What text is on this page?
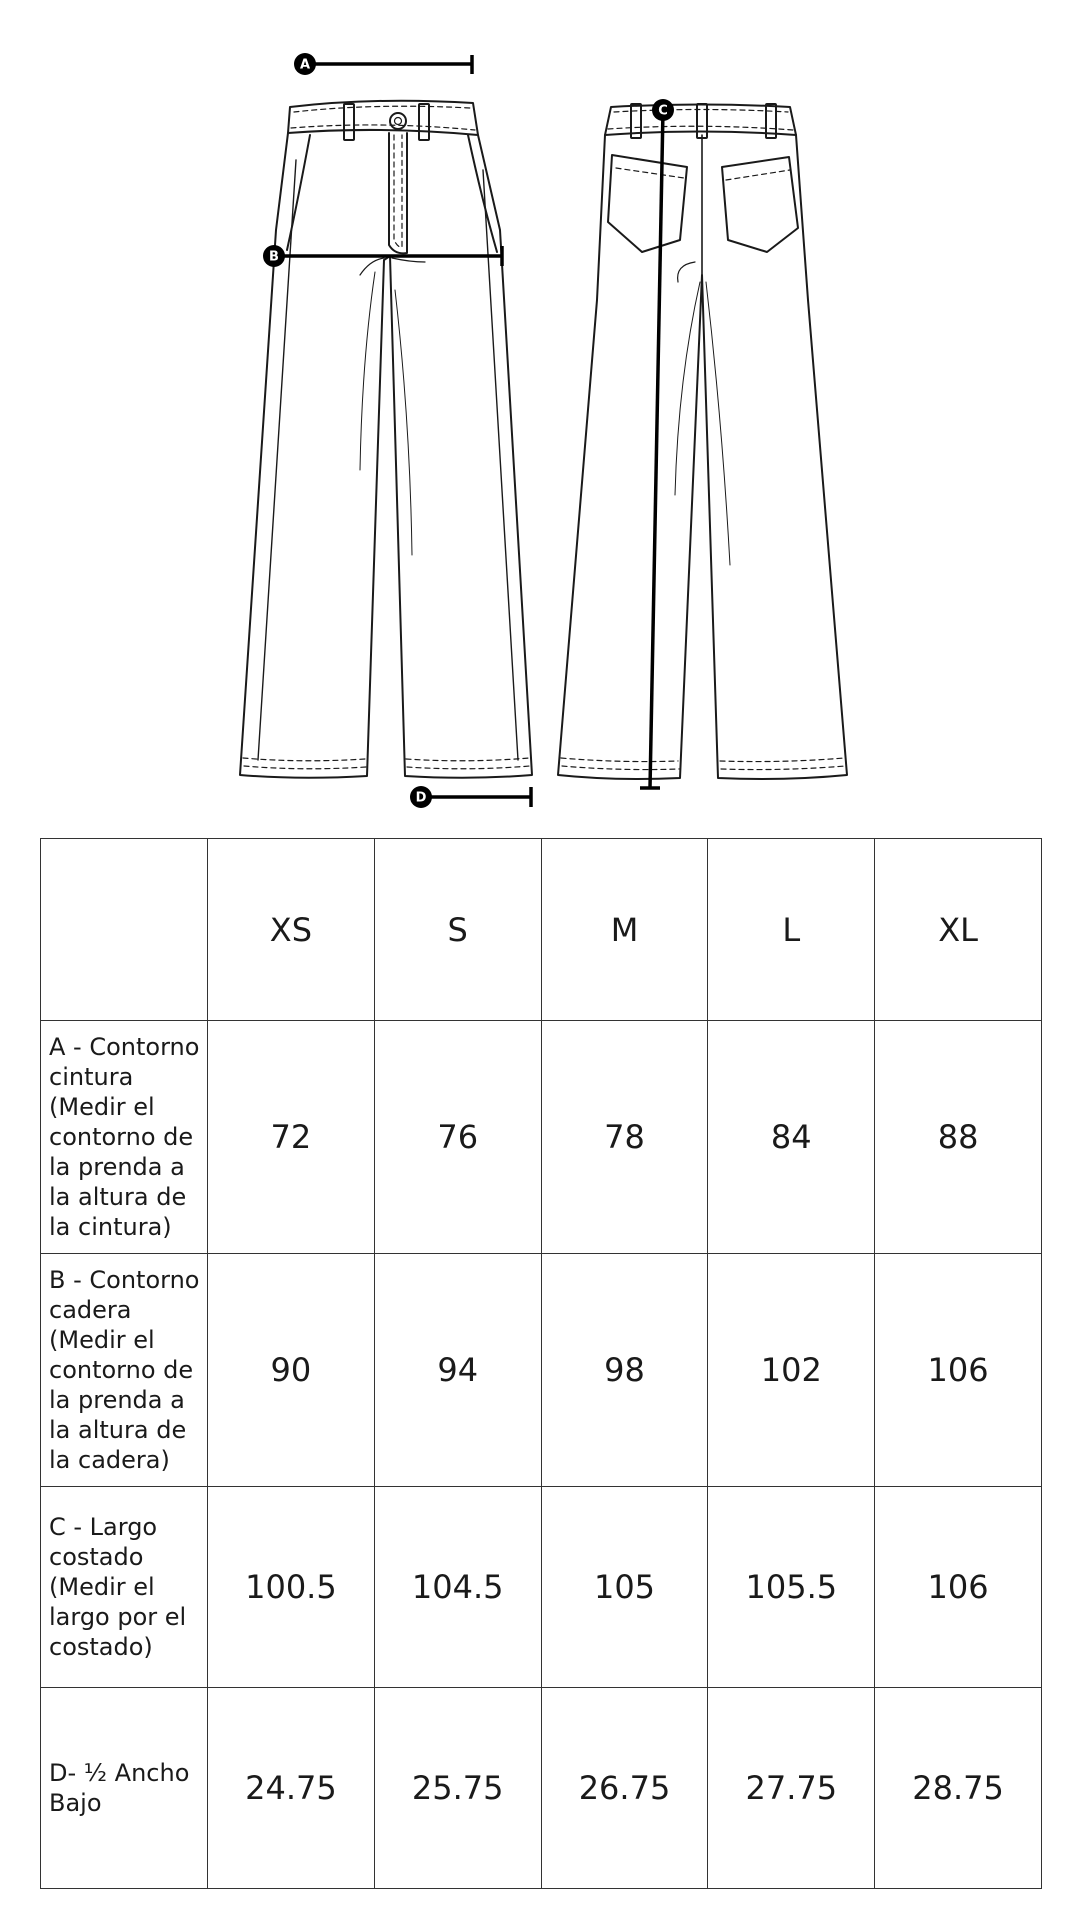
A
B
C
D
	XS	S	M	L	XL
A - Contorno cintura (Medir el contorno de la prenda a la altura de la cintura)	72	76	78	84	88
B - Contorno cadera (Medir el contorno de la prenda a la altura de la cadera)	90	94	98	102	106
C - Largo costado (Medir el largo por el costado)	100.5	104.5	105	105.5	106
D- ½ Ancho Bajo	24.75	25.75	26.75	27.75	28.75
